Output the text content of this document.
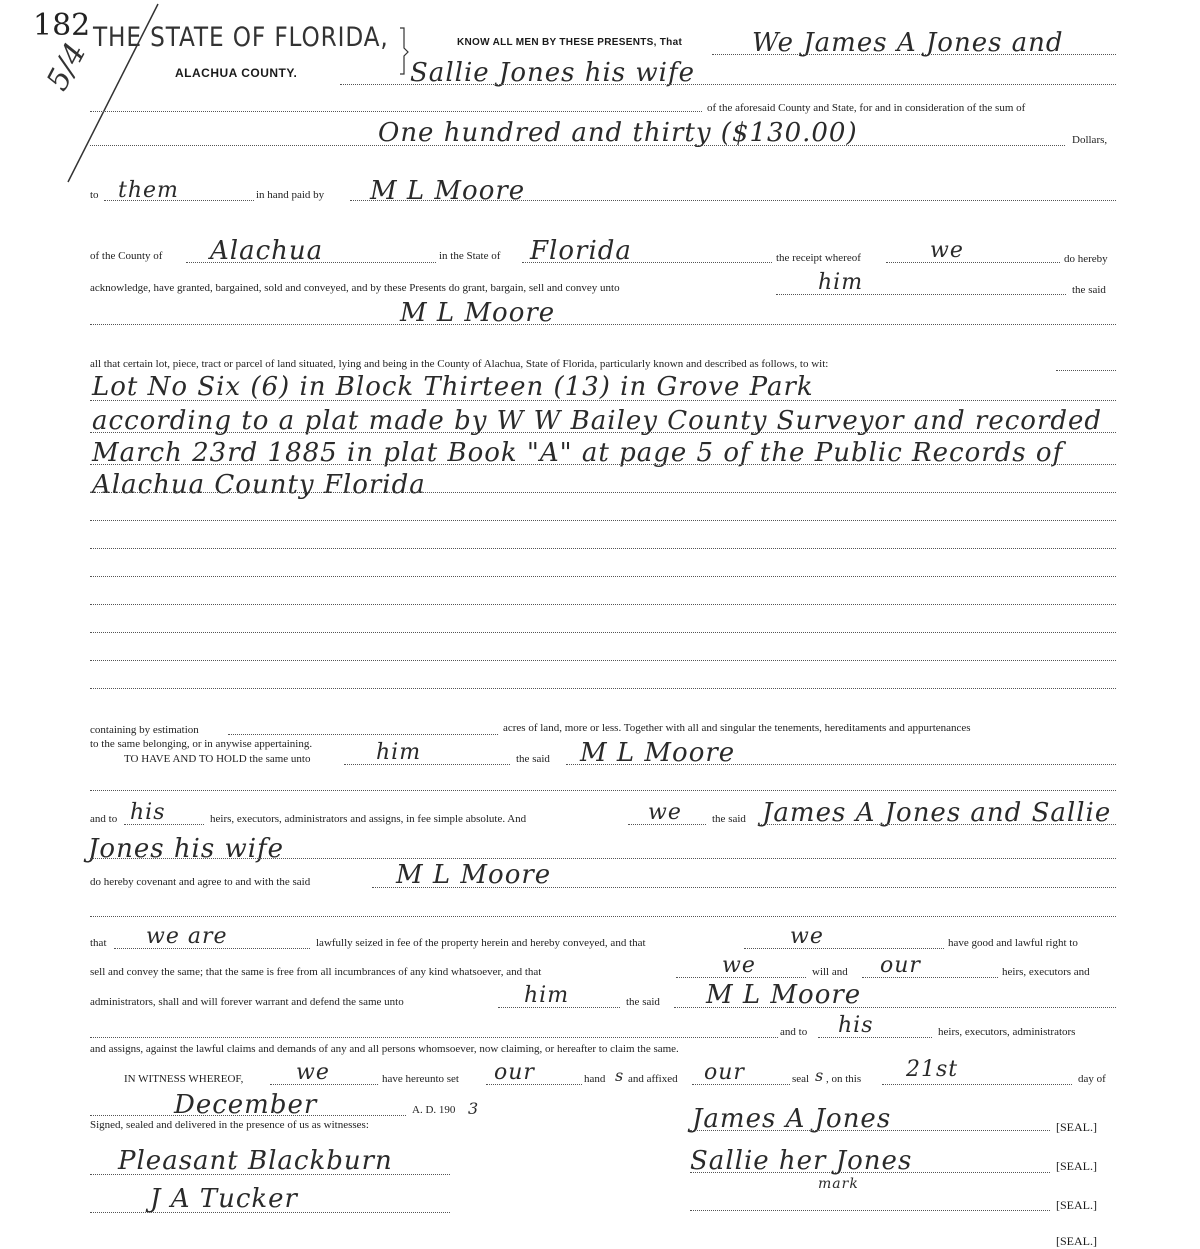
182
5/4 THE STATE OF FLORIDA,
ALACHUA COUNTY.
KNOW ALL MEN BY THESE PRESENTS, That	We James A Jones and
Sallie Jones his wife
of the aforesaid County and State, for and in consideration of the sum of
One hundred and thirty ($130.00)	Dollars,
to them	in hand paid by M L Moore
of the County of Alachua	in the State of Florida	the receipt whereof	we	do hereby
acknowledge, have granted, bargained, sold and conveyed, and by these Presents do grant, bargain, sell and convey unto	him	the said
M L Moore
all that certain lot, piece, tract or parcel of land situated, lying and being in the County of Alachua, State of Florida, particularly known and described as follows, to wit:
Lot No Six (6) in Block Thirteen (13) in Grove Park
according to a plat made by W W Bailey County Surveyor and recorded
March 23rd 1885 in plat Book "A" at page 5 of the Public Records of
Alachua County Florida
containing by estimation	acres of land, more or less. Together with all and singular the tenements, hereditaments and appurtenances
to the same belonging, or in anywise appertaining.
TO HAVE AND TO HOLD the same unto	him	the said M L Moore
and to his	heirs, executors, administrators and assigns, in fee simple absolute. And	we	the said James A Jones and Sallie
Jones his wife
do hereby covenant and agree to and with the said	M L Moore
that we are	lawfully seized in fee of the property herein and hereby conveyed, and that	we	have good and lawful right to
sell and convey the same; that the same is free from all incumbrances of any kind whatsoever, and that	we	will and our	heirs, executors and
administrators, shall and will forever warrant and defend the same unto	him	the said M L Moore
and to his	heirs, executors, administrators
and assigns, against the lawful claims and demands of any and all persons whomsoever, now claiming, or hereafter to claim the same.
IN WITNESS WHEREOF, we	have hereunto set our	hand s and affixed our	seal s , on this 21st	day of
December	A. D. 190 3
Signed, sealed and delivered in the presence of us as witnesses:
Pleasant Blackburn
J A Tucker
James A Jones	[SEAL.]
Sallie her Jones
mark
[SEAL.]
[SEAL.]
[SEAL.]
